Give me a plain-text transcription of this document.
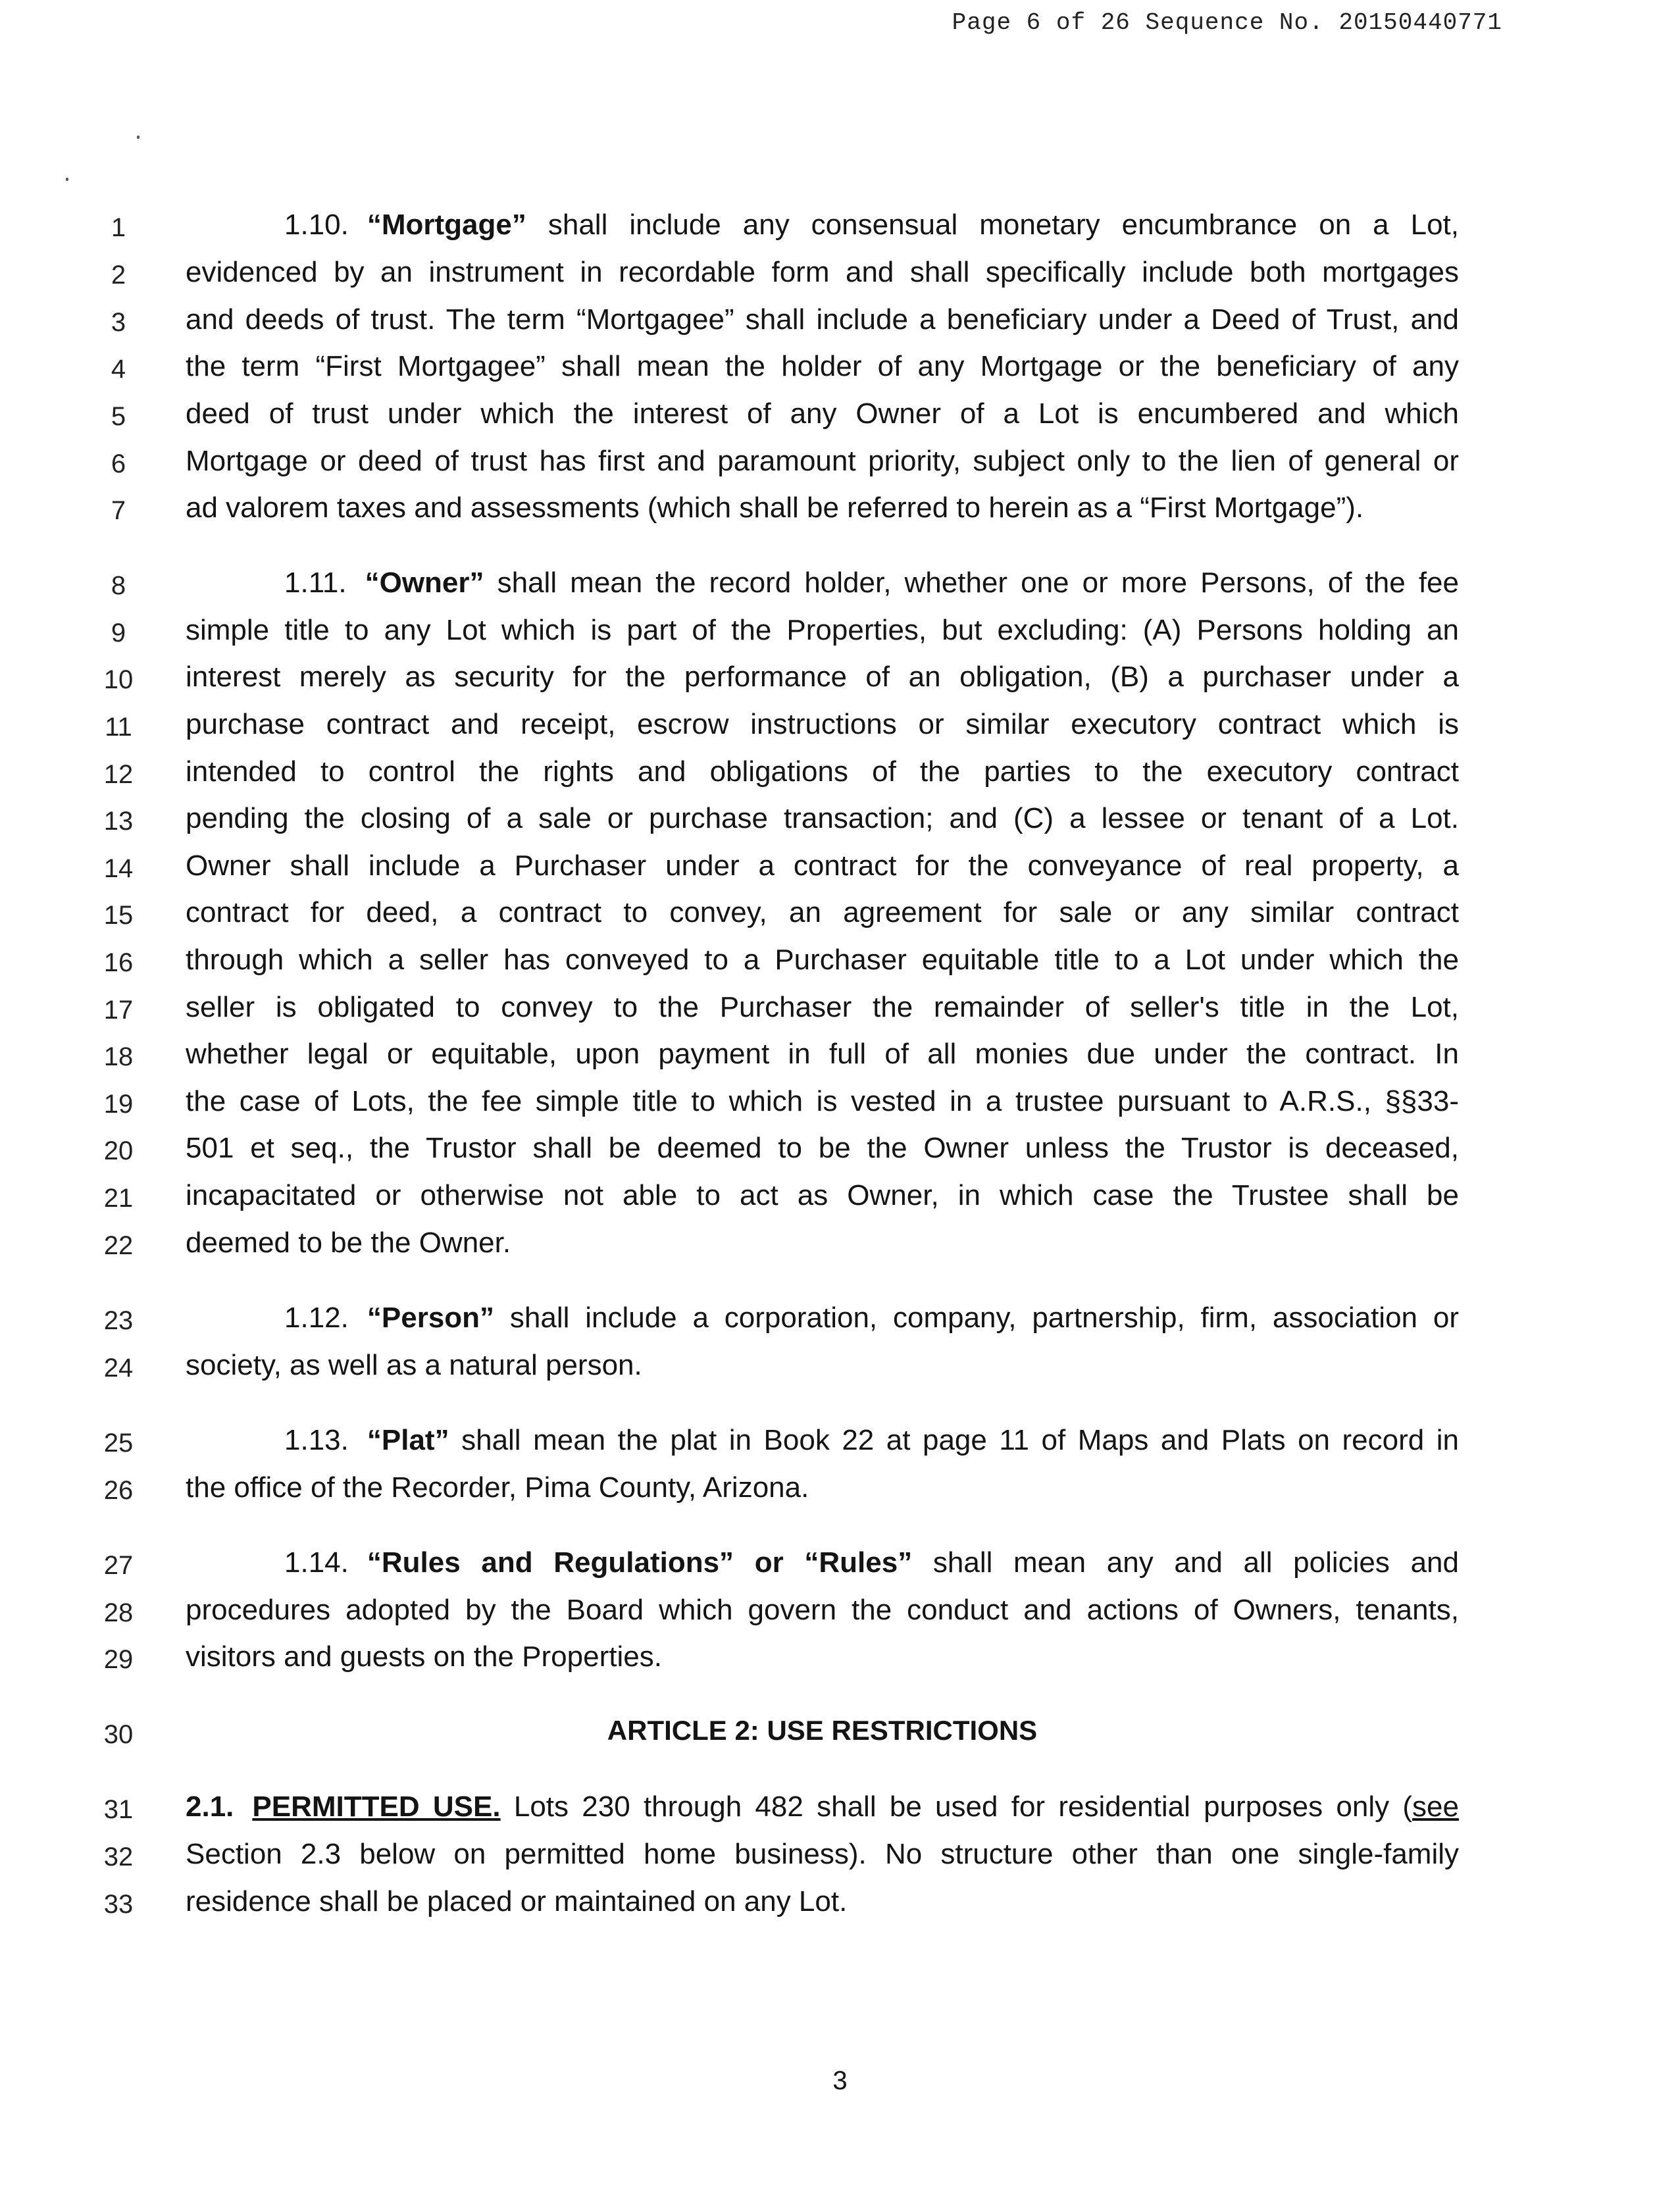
Page 6 of 26 Sequence No. 20150440771
1
2
3
4
5
6
7
8
9
10
11
12
13
14
15
16
17
18
19
20
21
22
23
24
25
26
27
28
29
30
31
32
33
1.10. “Mortgage” shall include any consensual monetary encumbrance on a Lot,
evidenced by an instrument in recordable form and shall specifically include both mortgages
and deeds of trust. The term “Mortgagee” shall include a beneficiary under a Deed of Trust, and
the term “First Mortgagee” shall mean the holder of any Mortgage or the beneficiary of any
deed of trust under which the interest of any Owner of a Lot is encumbered and which
Mortgage or deed of trust has first and paramount priority, subject only to the lien of general or
ad valorem taxes and assessments (which shall be referred to herein as a “First Mortgage”).
1.11. “Owner” shall mean the record holder, whether one or more Persons, of the fee
simple title to any Lot which is part of the Properties, but excluding: (A) Persons holding an
interest merely as security for the performance of an obligation, (B) a purchaser under a
purchase contract and receipt, escrow instructions or similar executory contract which is
intended to control the rights and obligations of the parties to the executory contract
pending the closing of a sale or purchase transaction; and (C) a lessee or tenant of a Lot.
Owner shall include a Purchaser under a contract for the conveyance of real property, a
contract for deed, a contract to convey, an agreement for sale or any similar contract
through which a seller has conveyed to a Purchaser equitable title to a Lot under which the
seller is obligated to convey to the Purchaser the remainder of seller's title in the Lot,
whether legal or equitable, upon payment in full of all monies due under the contract. In
the case of Lots, the fee simple title to which is vested in a trustee pursuant to A.R.S., §§33-
501 et seq., the Trustor shall be deemed to be the Owner unless the Trustor is deceased,
incapacitated or otherwise not able to act as Owner, in which case the Trustee shall be
deemed to be the Owner.
1.12. “Person” shall include a corporation, company, partnership, firm, association or
society, as well as a natural person.
1.13. “Plat” shall mean the plat in Book 22 at page 11 of Maps and Plats on record in
the office of the Recorder, Pima County, Arizona.
1.14. “Rules and Regulations” or “Rules” shall mean any and all policies and
procedures adopted by the Board which govern the conduct and actions of Owners, tenants,
visitors and guests on the Properties.
ARTICLE 2: USE RESTRICTIONS
2.1. PERMITTED USE. Lots 230 through 482 shall be used for residential purposes only (see
Section 2.3 below on permitted home business). No structure other than one single-family
residence shall be placed or maintained on any Lot.
3
